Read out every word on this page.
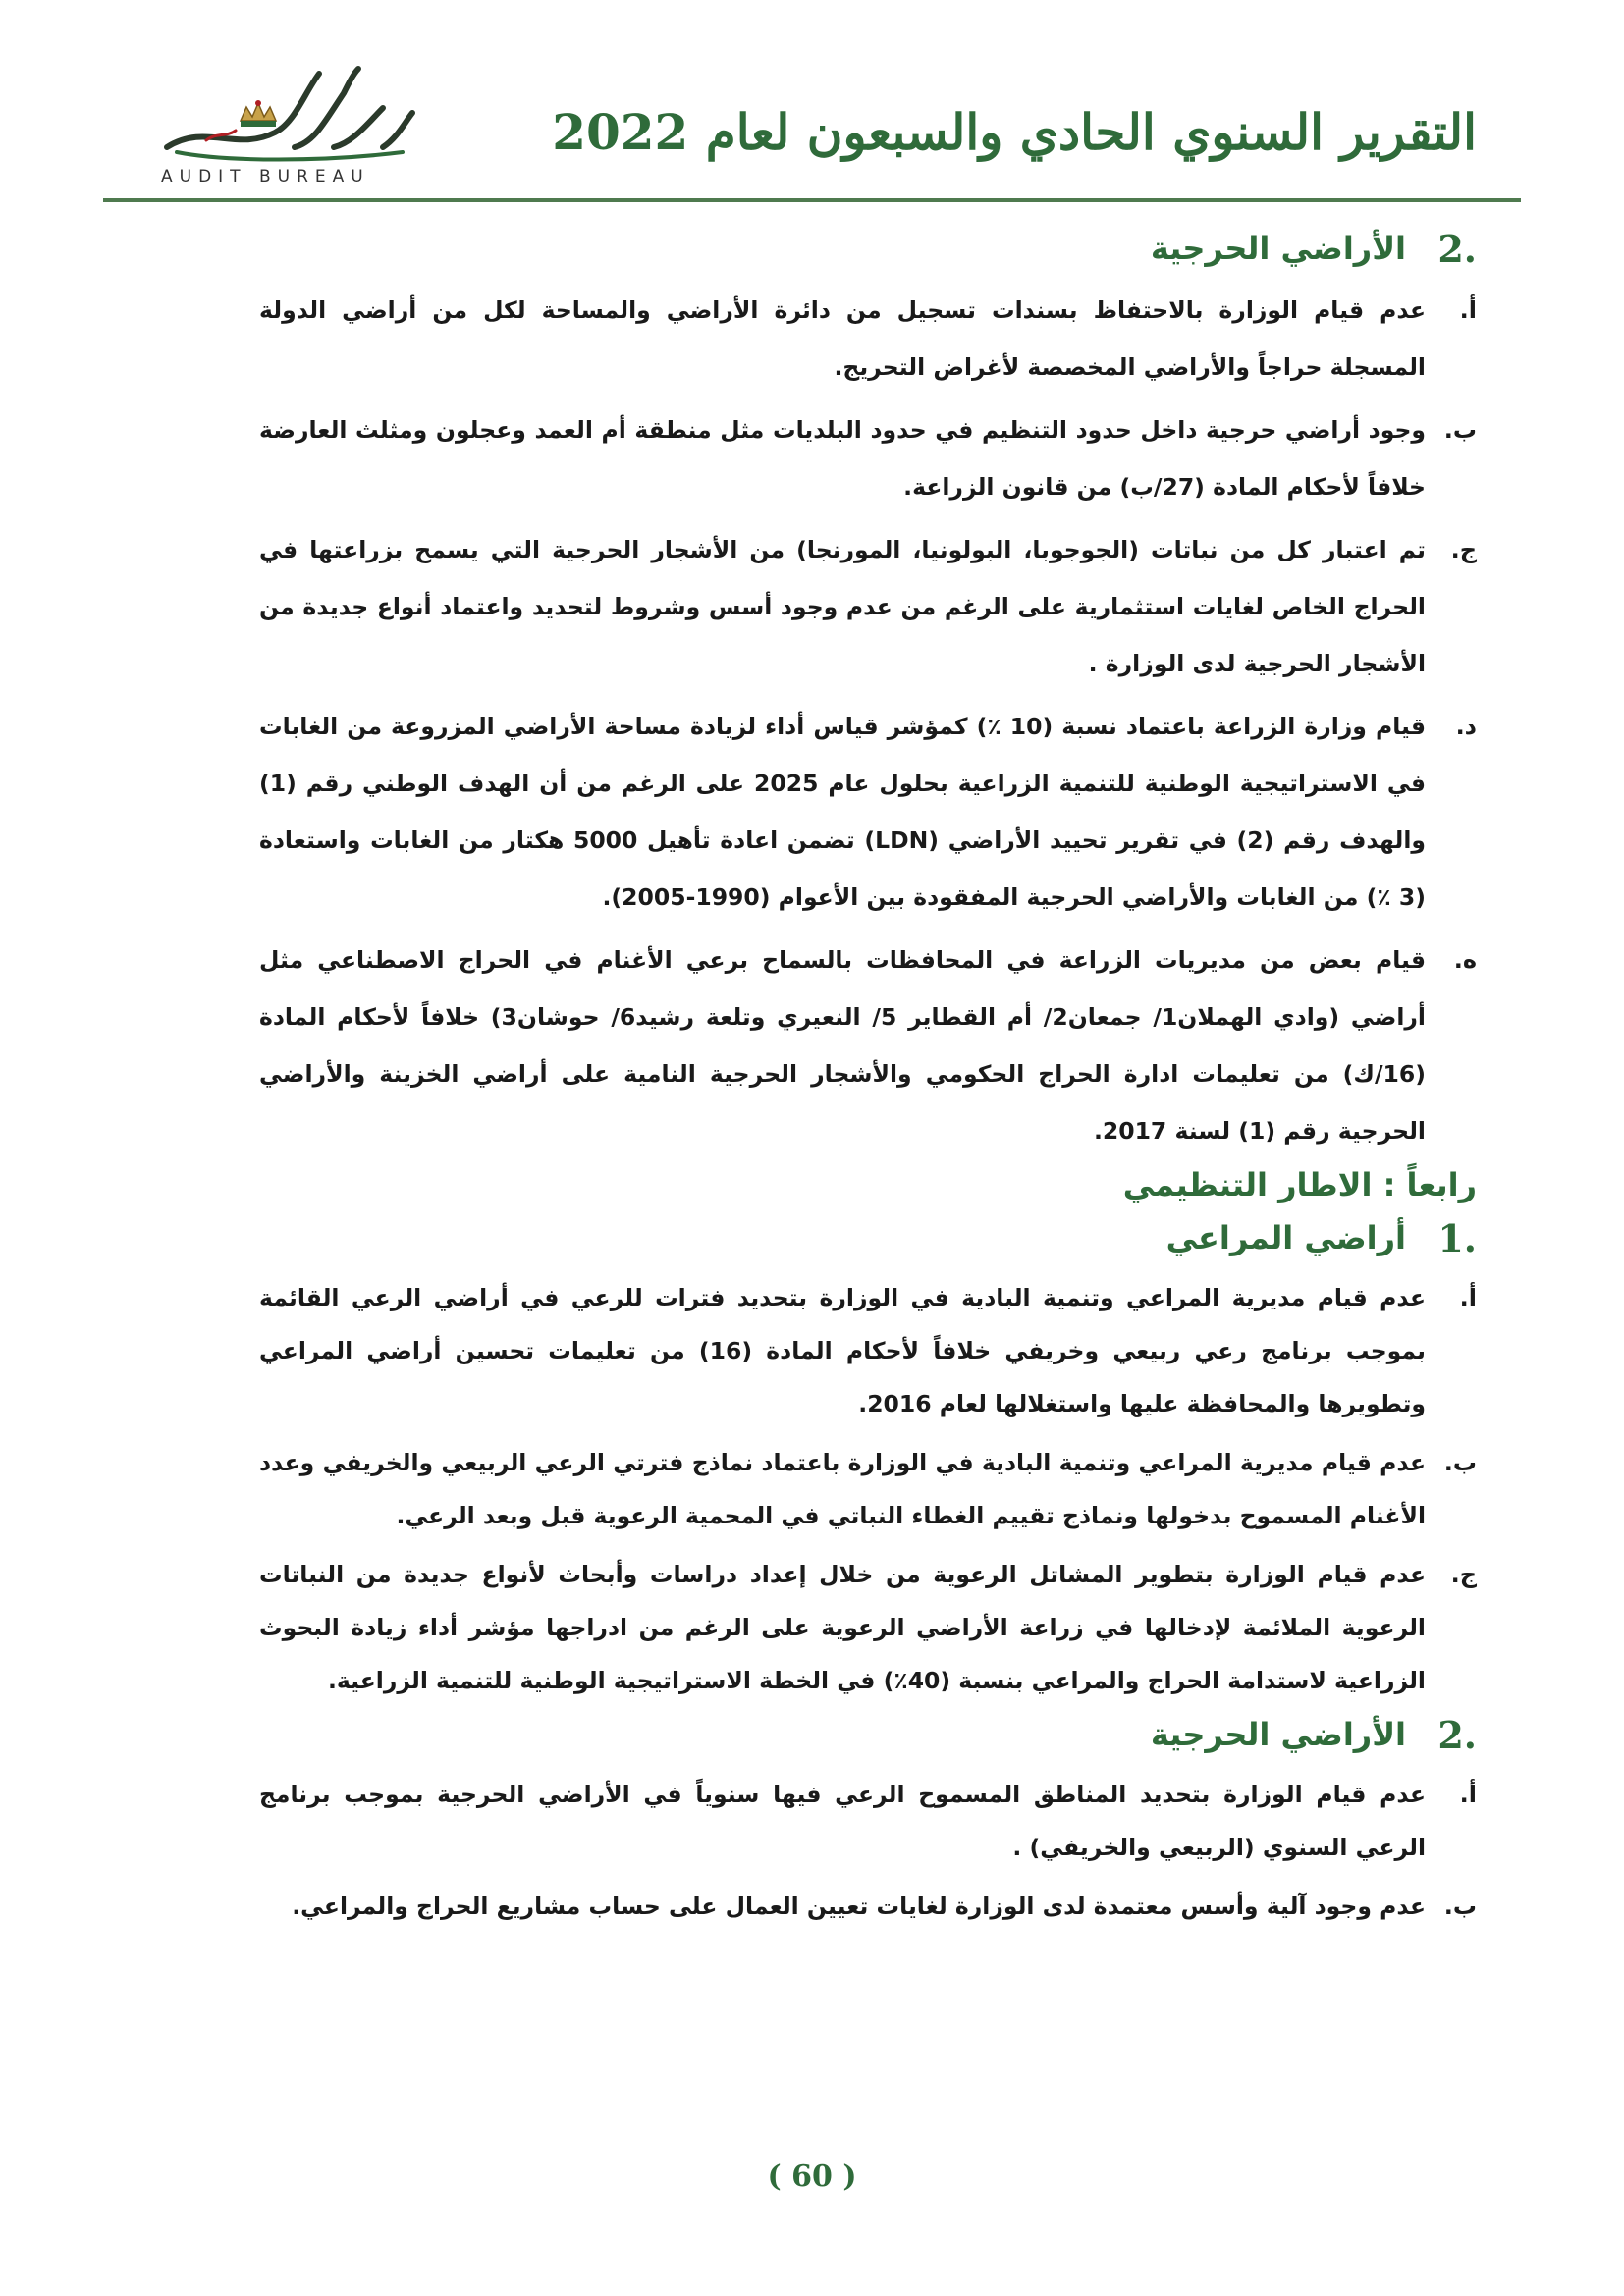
التقرير السنوي الحادي والسبعون لعام 2022
AUDIT BUREAU
2.
الأراضي الحرجية
أ.
عدم قيام الوزارة بالاحتفاظ بسندات تسجيل من دائرة الأراضي والمساحة لكل من أراضي الدولة المسجلة حراجاً والأراضي المخصصة لأغراض التحريج.
ب.
وجود أراضي حرجية داخل حدود التنظيم في حدود البلديات مثل منطقة أم العمد وعجلون ومثلث العارضة خلافاً لأحكام المادة (27/ب) من قانون الزراعة.
ج.
تم اعتبار كل من نباتات (الجوجوبا، البولونيا، المورنجا) من الأشجار الحرجية التي يسمح بزراعتها في الحراج الخاص لغايات استثمارية على الرغم من عدم وجود أسس وشروط لتحديد واعتماد أنواع جديدة من الأشجار الحرجية لدى الوزارة .
د.
قيام وزارة الزراعة باعتماد نسبة (10 ٪) كمؤشر قياس أداء لزيادة مساحة الأراضي المزروعة من الغابات في الاستراتيجية الوطنية للتنمية الزراعية بحلول عام 2025 على الرغم من أن الهدف الوطني رقم (1) والهدف رقم (2) في تقرير تحييد الأراضي (LDN) تضمن اعادة تأهيل 5000 هكتار من الغابات واستعادة (3 ٪) من الغابات والأراضي الحرجية المفقودة بين الأعوام (1990-2005).
ه.
قيام بعض من مديريات الزراعة في المحافظات بالسماح برعي الأغنام في الحراج الاصطناعي مثل أراضي (وادي الهملان1/ جمعان2/ أم القطاير 5/ النعيري وتلعة رشيد6/ حوشان3) خلافاً لأحكام المادة (16/ك) من تعليمات ادارة الحراج الحكومي والأشجار الحرجية النامية على أراضي الخزينة والأراضي الحرجية رقم (1) لسنة 2017.
رابعاً : الاطار التنظيمي
1.
أراضي المراعي
أ.
عدم قيام مديرية المراعي وتنمية البادية في الوزارة بتحديد فترات للرعي في أراضي الرعي القائمة بموجب برنامج رعي ربيعي وخريفي خلافاً لأحكام المادة (16) من تعليمات تحسين أراضي المراعي وتطويرها والمحافظة عليها واستغلالها لعام 2016.
ب.
عدم قيام مديرية المراعي وتنمية البادية في الوزارة باعتماد نماذج فترتي الرعي الربيعي والخريفي وعدد الأغنام المسموح بدخولها ونماذج تقييم الغطاء النباتي في المحمية الرعوية قبل وبعد الرعي.
ج.
عدم قيام الوزارة بتطوير المشاتل الرعوية من خلال إعداد دراسات وأبحاث لأنواع جديدة من النباتات الرعوية الملائمة لإدخالها في زراعة الأراضي الرعوية على الرغم من ادراجها مؤشر أداء زيادة البحوث الزراعية لاستدامة الحراج والمراعي بنسبة (40٪) في الخطة الاستراتيجية الوطنية للتنمية الزراعية.
2.
الأراضي الحرجية
أ.
عدم قيام الوزارة بتحديد المناطق المسموح الرعي فيها سنوياً في الأراضي الحرجية بموجب برنامج الرعي السنوي (الربيعي والخريفي) .
ب.
عدم وجود آلية وأسس معتمدة لدى الوزارة لغايات تعيين العمال على حساب مشاريع الحراج والمراعي.
( 60 )
